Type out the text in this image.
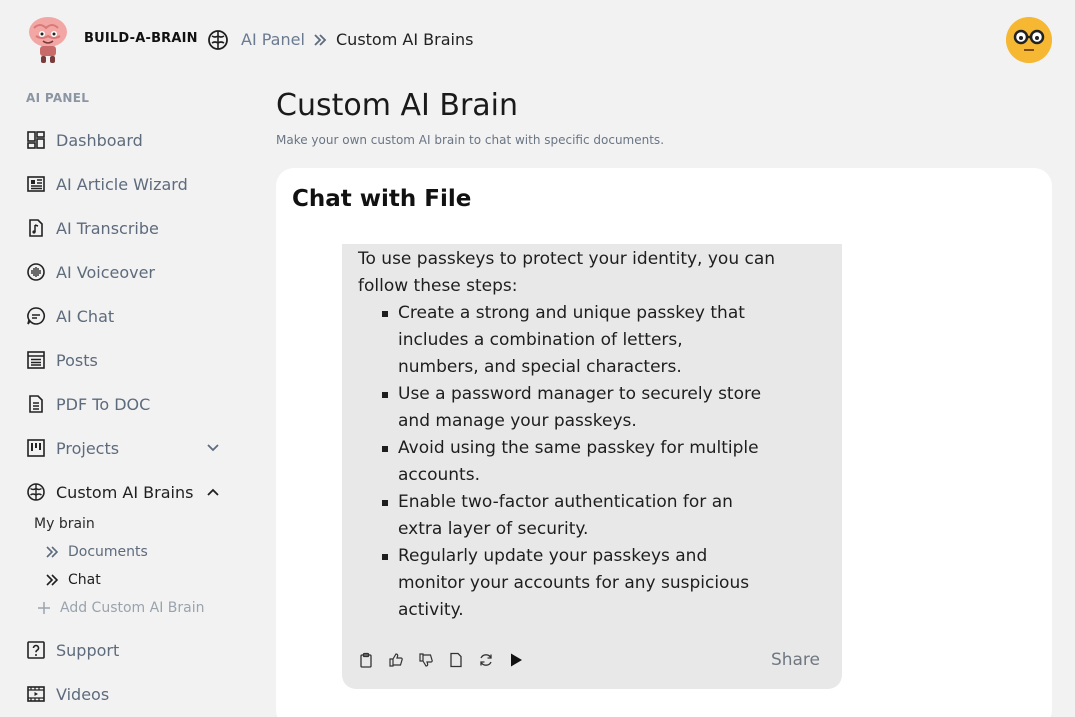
BUILD-A-BRAIN	AI Panel Custom AI Brains
AI PANEL
Dashboard
AI Article Wizard
AI Transcribe
AI Voiceover
AI Chat
Posts
PDF To DOC
Projects
Custom AI Brains
My brain
Documents
Chat
Add Custom AI Brain
Support
Videos
Custom AI Brain

Make your own custom AI brain to chat with specific documents.

Chat with File

To use passkeys to protect your identity, you can follow these steps:

Create a strong and unique passkey that includes a combination of letters, numbers, and special characters.
Use a password manager to securely store and manage your passkeys.
Avoid using the same passkey for multiple accounts.
Enable two-factor authentication for an extra layer of security.
Regularly update your passkeys and monitor your accounts for any suspicious activity.
Share
